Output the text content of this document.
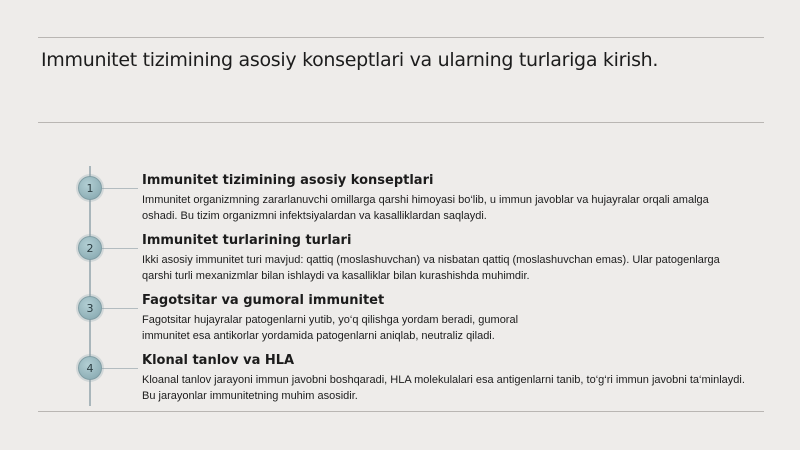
Immunitet tizimining asosiy konseptlari va ularning turlariga kirish.
1	Immunitet tizimining asosiy konseptlari
Immunitet organizmning zararlanuvchi omillarga qarshi himoyasi bo‘lib, u immun javoblar va hujayralar orqali amalga oshadi. Bu tizim organizmni infektsiyalardan va kasalliklardan saqlaydi.
2	Immunitet turlarining turlari
Ikki asosiy immunitet turi mavjud: qattiq (moslashuvchan) va nisbatan qattiq (moslashuvchan emas). Ular patogenlarga qarshi turli mexanizmlar bilan ishlaydi va kasalliklar bilan kurashishda muhimdir.
3	Fagotsitar va gumoral immunitet
Fagotsitar hujayralar patogenlarni yutib, yo‘q qilishga yordam beradi, gumoral
immunitet esa antikorlar yordamida patogenlarni aniqlab, neutraliz qiladi.
4	Klonal tanlov va HLA
Kloanal tanlov jarayoni immun javobni boshqaradi, HLA molekulalari esa antigenlarni tanib, to‘g‘ri immun javobni ta‘minlaydi. Bu jarayonlar immunitetning muhim asosidir.
